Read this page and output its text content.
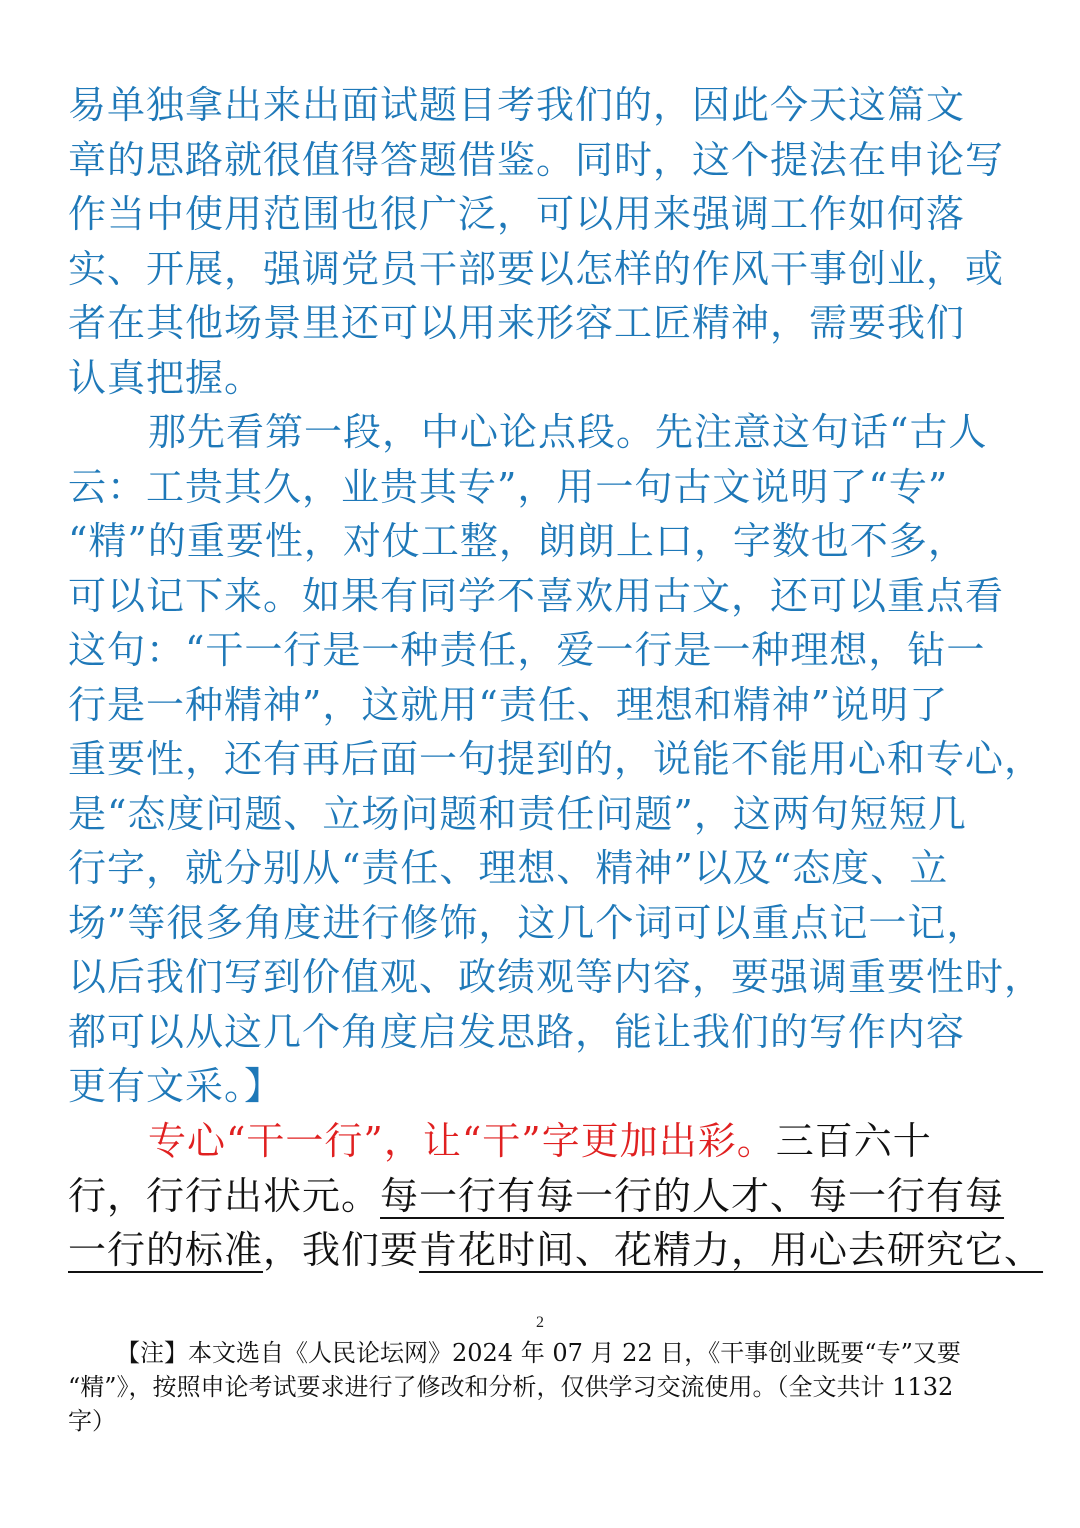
易单独拿出来出面试题目考我们的，因此今天这篇文
章的思路就很值得答题借鉴。同时，这个提法在申论写
作当中使用范围也很广泛，可以用来强调工作如何落
实、开展，强调党员干部要以怎样的作风干事创业，或
者在其他场景里还可以用来形容工匠精神，需要我们
认真把握。
那先看第一段，中心论点段。先注意这句话“古人
云：工贵其久，业贵其专”，用一句古文说明了“专”
“精”的重要性，对仗工整，朗朗上口，字数也不多，
可以记下来。如果有同学不喜欢用古文，还可以重点看
这句：“干一行是一种责任，爱一行是一种理想，钻一
行是一种精神”，这就用“责任、理想和精神”说明了
重要性，还有再后面一句提到的，说能不能用心和专心，
是“态度问题、立场问题和责任问题”，这两句短短几
行字，就分别从“责任、理想、精神”以及“态度、立
场”等很多角度进行修饰，这几个词可以重点记一记，
以后我们写到价值观、政绩观等内容，要强调重要性时，
都可以从这几个角度启发思路，能让我们的写作内容
更有文采。】
专心“干一行”，让“干”字更加出彩。三百六十
行，行行出状元。每一行有每一行的人才、每一行有每
一行的标准，我们要肯花时间、花精力，用心去研究它、
2
【注】本文选自《人民论坛网》2024 年 07 月 22 日，《干事创业既要“专”又要
“精”》，按照申论考试要求进行了修改和分析，仅供学习交流使用。（全文共计 1132
字）
